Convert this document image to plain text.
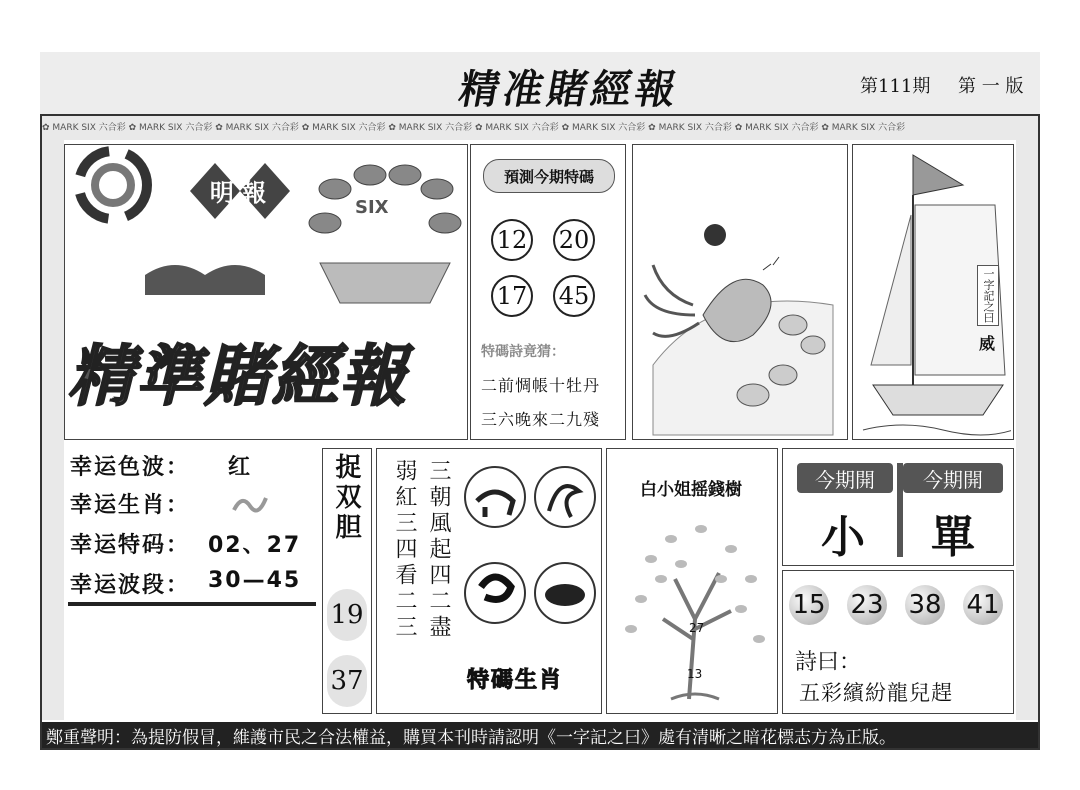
精准賭經報	第111期 第 一 版
✿ MARK SIX 六合彩 ✿ MARK SIX 六合彩 ✿ MARK SIX 六合彩 ✿ MARK SIX 六合彩 ✿ MARK SIX 六合彩 ✿ MARK SIX 六合彩 ✿ MARK SIX 六合彩 ✿ MARK SIX 六合彩 ✿ MARK SIX 六合彩 ✿ MARK SIX 六合彩
明 報
SIX
精準賭經報
預測今期特碼
12 20
17 45
特碼詩竟猜：
二前惆帳十牡丹
三六晚來二九殘
一字記之曰
威
幸运色波： 红
幸运生肖：
幸运特码： 02、27
幸运波段： 30—45
捉双胆
19
37
弱紅三四看二三 三朝風起四二盡
特碼生肖
白小姐摇錢樹
27
13
今期開	今期開
小 單
15 23 38 41
詩曰：
五彩繽紛龍兒趕
鄭重聲明：為提防假冒，維護市民之合法權益，購買本刊時請認明《一字記之曰》處有清晰之暗花標志方為正版。
